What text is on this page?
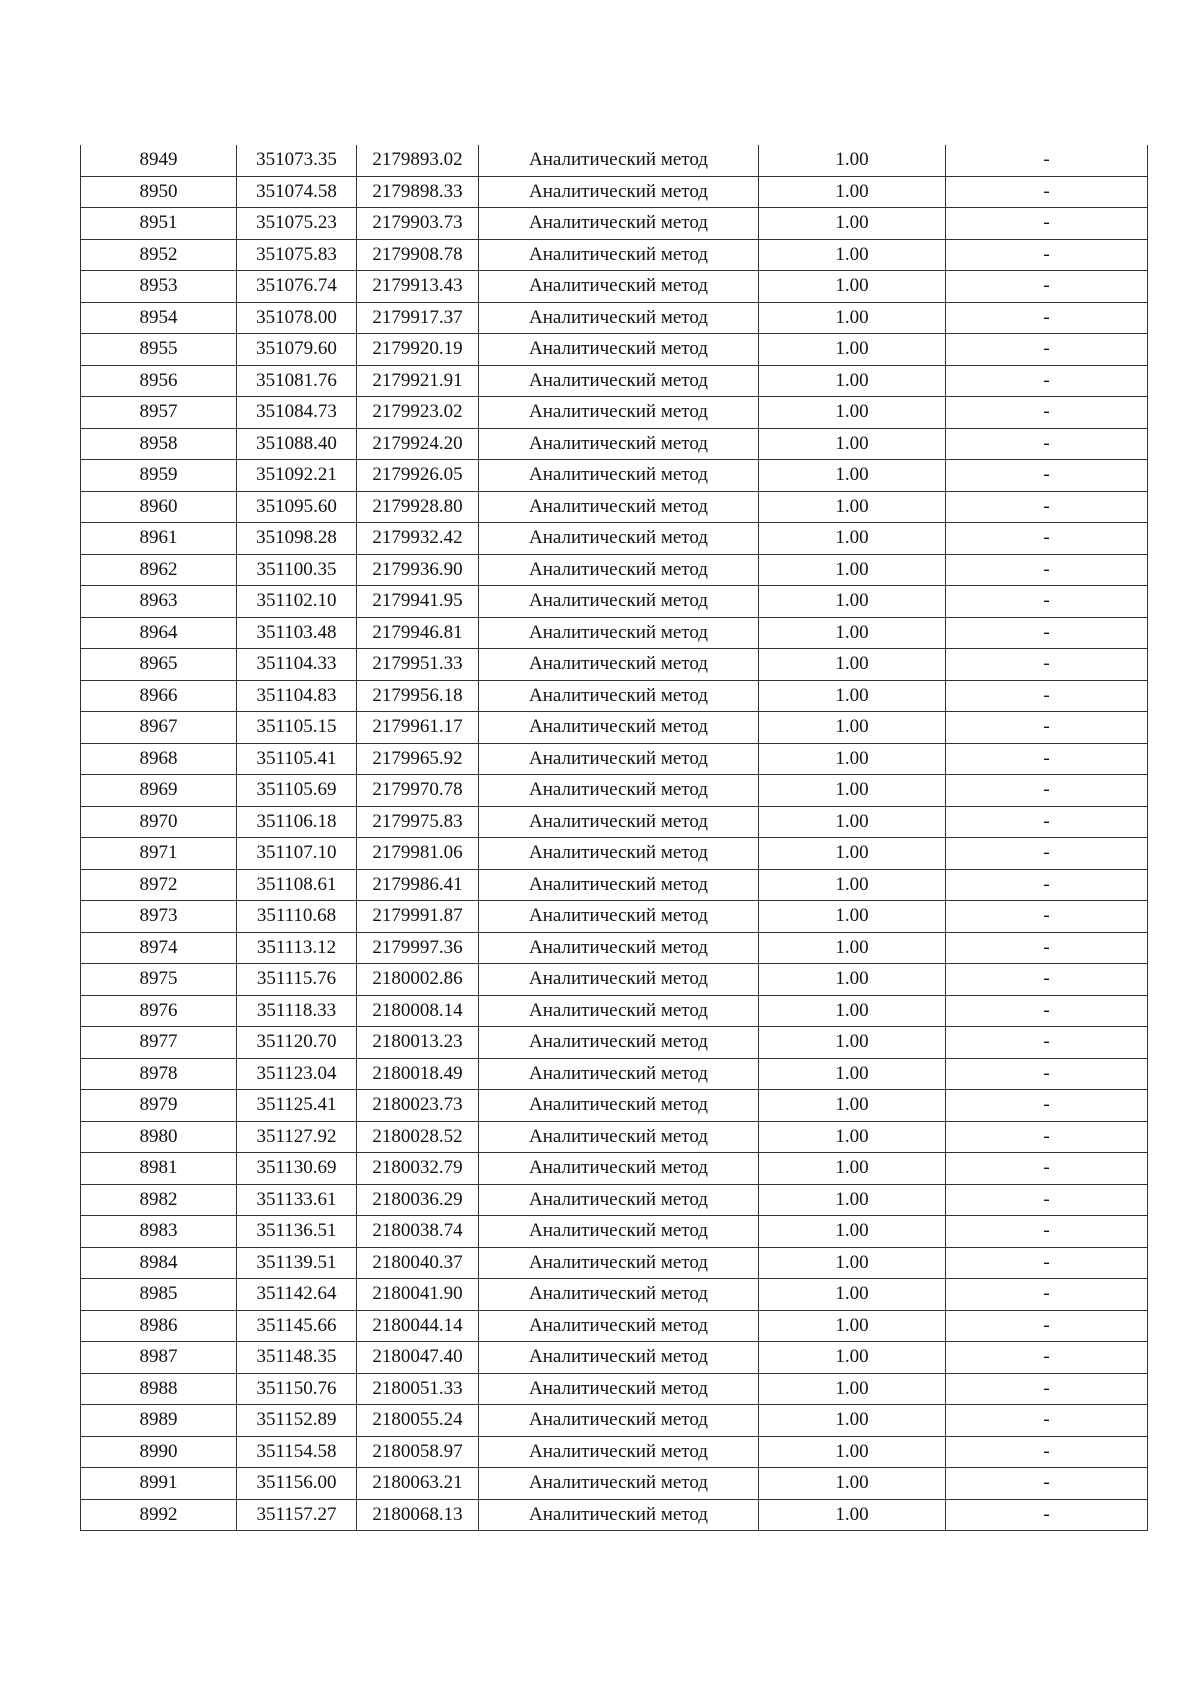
8949	351073.35	2179893.02	Аналитический метод	1.00	-
8950	351074.58	2179898.33	Аналитический метод	1.00	-
8951	351075.23	2179903.73	Аналитический метод	1.00	-
8952	351075.83	2179908.78	Аналитический метод	1.00	-
8953	351076.74	2179913.43	Аналитический метод	1.00	-
8954	351078.00	2179917.37	Аналитический метод	1.00	-
8955	351079.60	2179920.19	Аналитический метод	1.00	-
8956	351081.76	2179921.91	Аналитический метод	1.00	-
8957	351084.73	2179923.02	Аналитический метод	1.00	-
8958	351088.40	2179924.20	Аналитический метод	1.00	-
8959	351092.21	2179926.05	Аналитический метод	1.00	-
8960	351095.60	2179928.80	Аналитический метод	1.00	-
8961	351098.28	2179932.42	Аналитический метод	1.00	-
8962	351100.35	2179936.90	Аналитический метод	1.00	-
8963	351102.10	2179941.95	Аналитический метод	1.00	-
8964	351103.48	2179946.81	Аналитический метод	1.00	-
8965	351104.33	2179951.33	Аналитический метод	1.00	-
8966	351104.83	2179956.18	Аналитический метод	1.00	-
8967	351105.15	2179961.17	Аналитический метод	1.00	-
8968	351105.41	2179965.92	Аналитический метод	1.00	-
8969	351105.69	2179970.78	Аналитический метод	1.00	-
8970	351106.18	2179975.83	Аналитический метод	1.00	-
8971	351107.10	2179981.06	Аналитический метод	1.00	-
8972	351108.61	2179986.41	Аналитический метод	1.00	-
8973	351110.68	2179991.87	Аналитический метод	1.00	-
8974	351113.12	2179997.36	Аналитический метод	1.00	-
8975	351115.76	2180002.86	Аналитический метод	1.00	-
8976	351118.33	2180008.14	Аналитический метод	1.00	-
8977	351120.70	2180013.23	Аналитический метод	1.00	-
8978	351123.04	2180018.49	Аналитический метод	1.00	-
8979	351125.41	2180023.73	Аналитический метод	1.00	-
8980	351127.92	2180028.52	Аналитический метод	1.00	-
8981	351130.69	2180032.79	Аналитический метод	1.00	-
8982	351133.61	2180036.29	Аналитический метод	1.00	-
8983	351136.51	2180038.74	Аналитический метод	1.00	-
8984	351139.51	2180040.37	Аналитический метод	1.00	-
8985	351142.64	2180041.90	Аналитический метод	1.00	-
8986	351145.66	2180044.14	Аналитический метод	1.00	-
8987	351148.35	2180047.40	Аналитический метод	1.00	-
8988	351150.76	2180051.33	Аналитический метод	1.00	-
8989	351152.89	2180055.24	Аналитический метод	1.00	-
8990	351154.58	2180058.97	Аналитический метод	1.00	-
8991	351156.00	2180063.21	Аналитический метод	1.00	-
8992	351157.27	2180068.13	Аналитический метод	1.00	-
